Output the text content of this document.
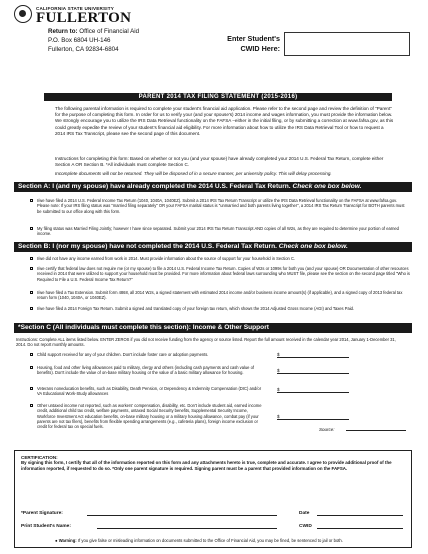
CALIFORNIA STATE UNIVERSITY
FULLERTON
Return to: Office of Financial Aid
P.O. Box 6804 UH-146
Fullerton, CA 92834-6804
Enter Student's
CWID Here:
PARENT 2014 TAX FILING STATEMENT (2015-2016)
The following parental information is required to complete your student's financial aid application. Please refer to the second page and review the definition of "Parent" for the purpose of completing this form. In order for us to verify your (and your spouse's) 2014 income and wages information, you must provide the information below. We strongly encourage you to utilize the IRS Data Retrieval functionality on the FAFSA –either in the initial filing, or by submitting a correction at www.fafsa.gov, as this could greatly expedite the review of your student's financial aid eligibility. For more information about how to utilize the IRS Data Retrieval Tool or how to request a 2014 IRS Tax Transcript, please see the second page of this document.
Instructions for completing this form: Based on whether or not you (and your spouse) have already completed your 2014 U.S. Federal Tax Return, complete either Section A OR Section B. *All individuals must complete Section C.
Incomplete documents will not be returned. They will be disposed of in a secure manner, per university policy. This will delay processing.
Section A: I (and my spouse) have already completed the 2014 U.S. Federal Tax Return. Check one box below.
I/we have filed a 2014 U.S. Federal Income Tax Return (1040, 1040A, 1040EZ). Submit a 2014 IRS Tax Return Transcript or utilize the IRS Data Retrieval functionality on the FAFSA at www.fafsa.gov. Please note: If your IRS filing status was "married filing separately" OR your FAFSA marital status is "unmarried and both parents living together", a 2014 IRS Tax Return Transcript for BOTH parents must be submitted to our office along with this form.
My filing status was Married Filing Jointly; however I have since separated. Submit your 2014 IRS Tax Return Transcript AND copies of all W2s, as they are required to determine your portion of earned income.
Section B: I (nor my spouse) have not completed the 2014 U.S. Federal Tax Return. Check one box below.
I/we did not have any income earned from work in 2014. Must provide information about the source of support for your household in Section C.
I/we certify that federal law does not require me (or my spouse) to file a 2014 U.S. Federal Income Tax Return. Copies of W2s or 1099s for both you (and your spouse) OR Documentation of other resources received in 2014 that were utilized to support your household must be provided. For more information about federal laws surrounding who MUST file, please see the section on the second page titled "Who is Required to File a U.S. Federal Income Tax Return?"
I/we have filed a Tax Extension. Submit form 4868, all 2014 W2s, a signed statement with estimated 2014 income and/or business income amount(s) (if applicable), and a signed copy of 2013 federal tax return form (1040, 1040A, or 1040EZ).
I/we have filed a 2014 Foreign Tax Return. Submit a signed and translated copy of your foreign tax return, which shows the 2014 Adjusted Gross Income (AGI) and Taxes Paid.
*Section C (All individuals must complete this section): Income & Other Support
Instructions: Complete ALL items listed below. ENTER ZEROS if you did not receive funding from the agency or source listed. Report the full amount received in the calendar year 2014, January 1-December 31, 2014. Do not report monthly amounts.
Child support received for any of your children. Don't include foster care or adoption payments.	$
Housing, food and other living allowances paid to military, clergy and others (including cash payments and cash value of benefits). Don't include the value of on-base military housing or the value of a basic military allowance for housing.	$
Veterans noneducation benefits, such as Disability, Death Pension, or Dependency & Indemnity Compensation (DIC) and/or VA Educational Work-Study allowances
$
Other untaxed income not reported, such as workers' compensation, disability, etc. Don't include student aid, earned income credit, additional child tax credit, welfare payments, untaxed Social Security benefits, Supplemental Security Income, Workforce Investment Act education benefits, on-base military housing or a military housing allowance, combat pay (if your parents are not tax filers), benefits from flexible spending arrangements (e.g., cafeteria plans), foreign income exclusion or credit for federal tax on special fuels.
$
Source:
CERTIFICATION:
By signing this form, I certify that all of the information reported on this form and any attachments hereto is true, complete and accurate. I agree to provide additional proof of the information reported, if requested to do so. *Only one parent signature is required. Signing parent must be a parent that provided information on the FAFSA.
*Parent Signature:	Date
Print Student's Name:	CWID
● Warning: If you give false or misleading information on documents submitted to the Office of Financial Aid, you may be fined, be sentenced to jail or both.
